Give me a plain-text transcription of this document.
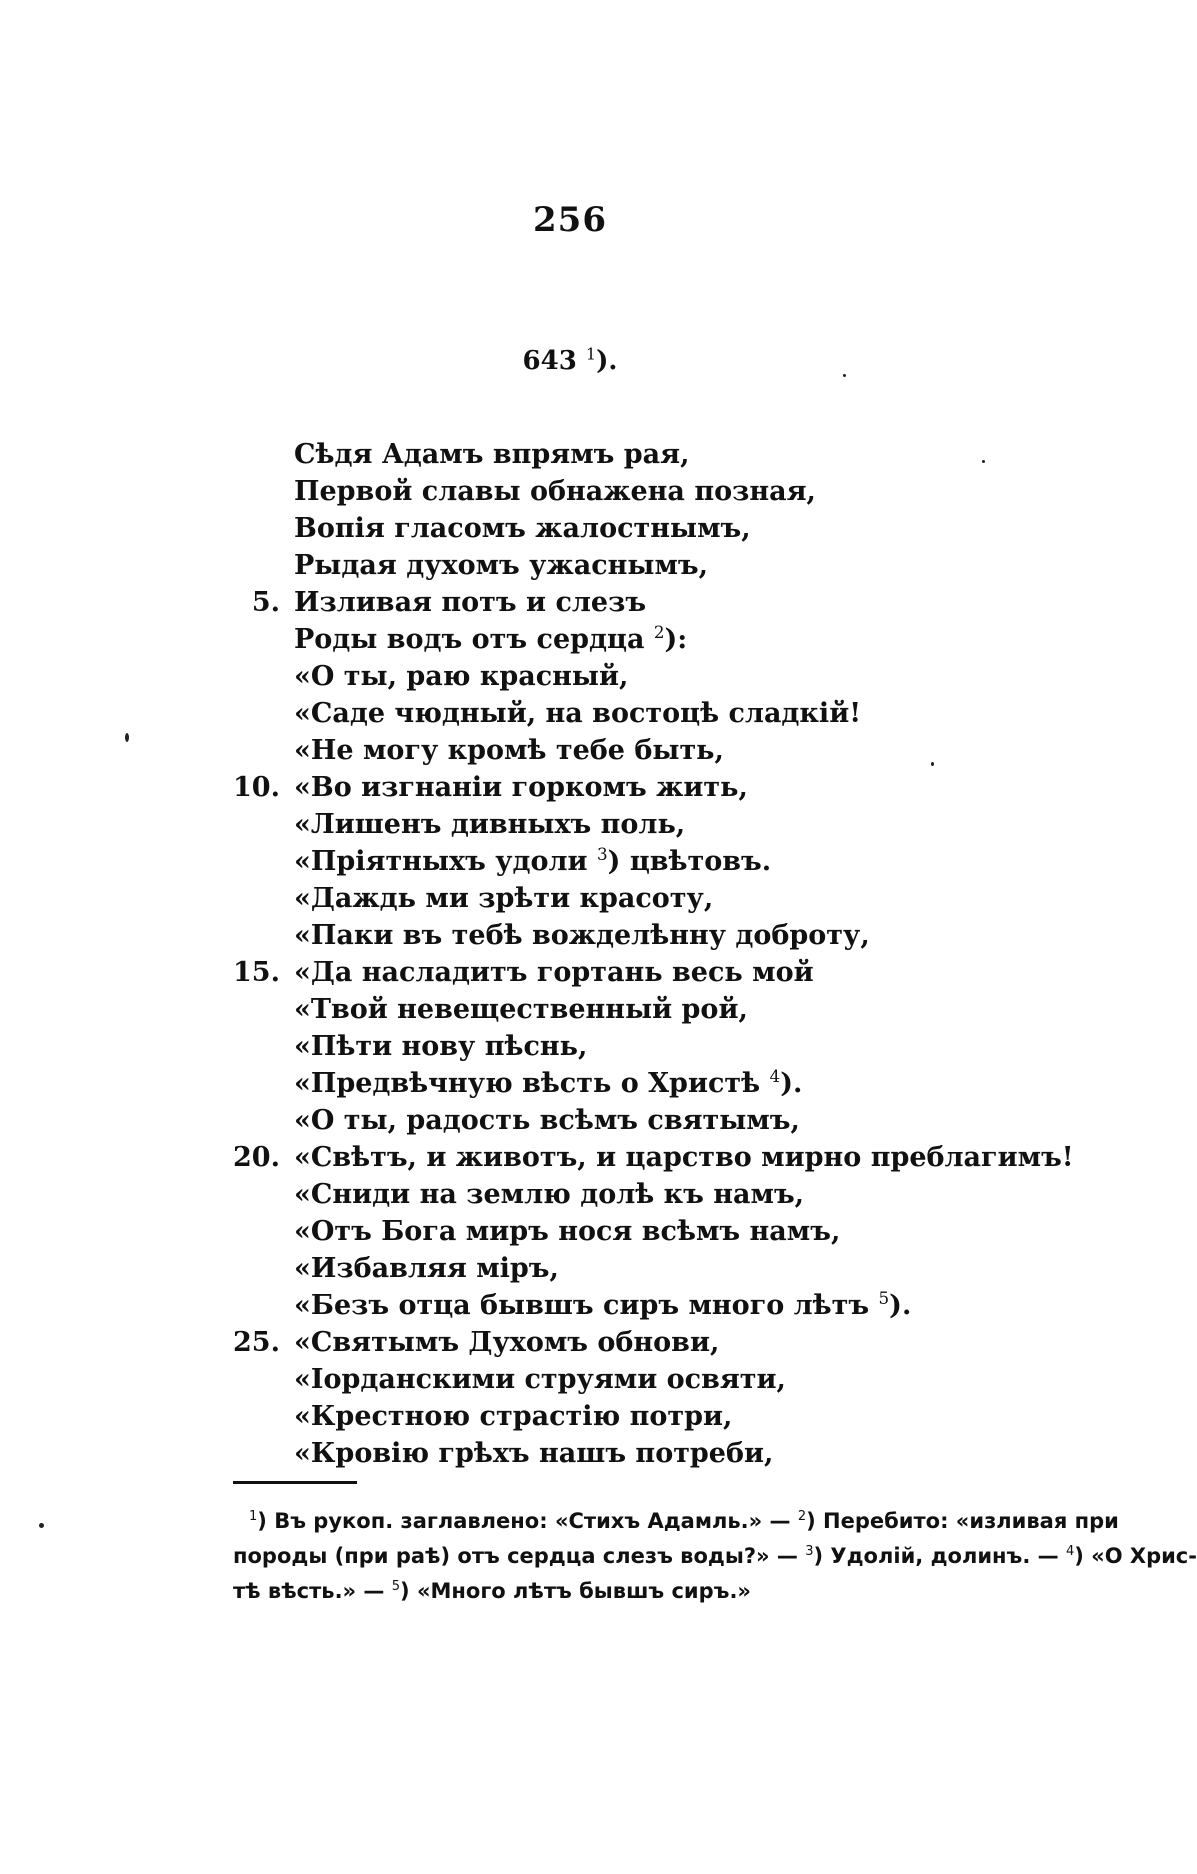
256
643 $^1$).
Сѣдя Адамъ впрямъ рая,
Первой славы обнажена позная,
Вопія гласомъ жалостнымъ,
Рыдая духомъ ужаснымъ,
5. Изливая потъ и слезъ
Роды водъ отъ сердца $^2$):
«О ты, раю красный,
«Саде чюдный, на востоцѣ сладкій!
«Не могу кромѣ тебе быть,
10. «Во изгнаніи горкомъ жить,
«Лишенъ дивныхъ поль,
«Пріятныхъ удоли $^3$) цвѣтовъ.
«Даждь ми зрѣти красоту,
«Паки въ тебѣ вожделѣнну доброту,
15. «Да насладитъ гортань весь мой
«Твой невещественный рой,
«Пѣти нову пѣснь,
«Предвѣчную вѣсть о Христѣ $^4$).
«О ты, радость всѣмъ святымъ,
20. «Свѣтъ, и животъ, и царство мирно преблагимъ!
«Сниди на землю долѣ къ намъ,
«Отъ Бога миръ нося всѣмъ намъ,
«Избавляя міръ,
«Безъ отца бывшъ сиръ много лѣтъ $^5$).
25. «Святымъ Духомъ обнови,
«Іорданскими струями освяти,
«Крестною страстію потри,
«Кровію грѣхъ нашъ потреби,
$^1$) Въ рукоп. заглавлено: «Стихъ Адамль.» — $^2$) Перебито: «изливая при
породы (при раѣ) отъ сердца слезъ воды?» — $^3$) Удолій, долинъ. — $^4$) «О Хрис-
тѣ вѣсть.» — $^5$) «Много лѣтъ бывшъ сиръ.»
